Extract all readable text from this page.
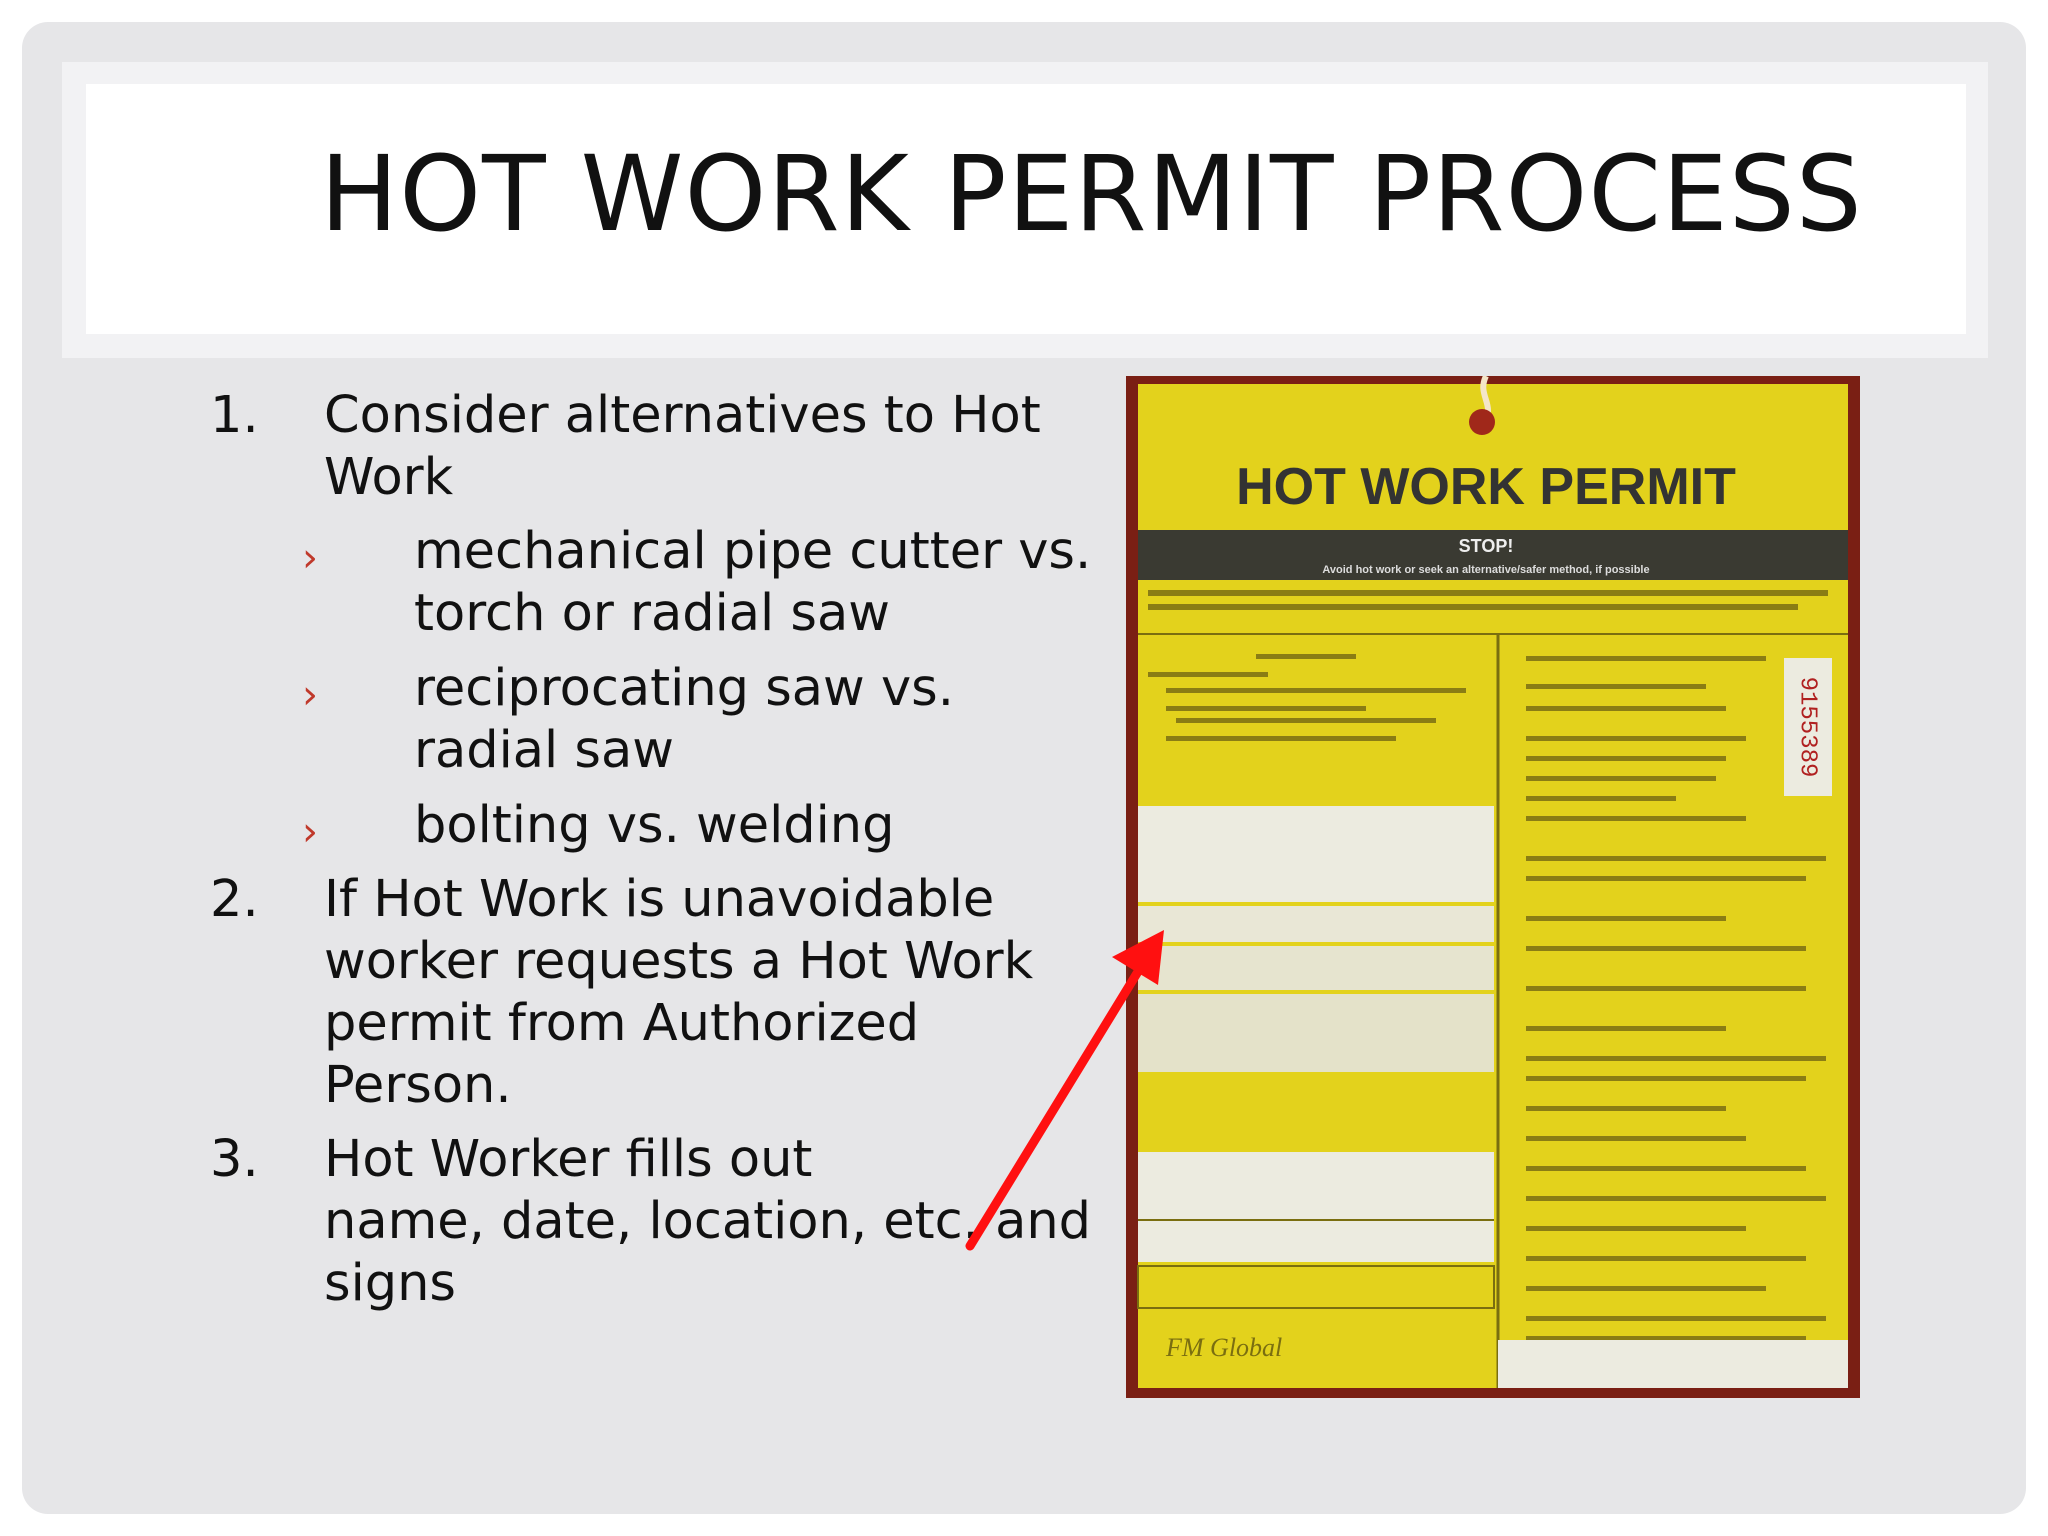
HOT WORK PERMIT PROCESS
1. Consider alternatives to Hot
Work
› mechanical pipe cutter vs.
torch or radial saw
› reciprocating saw vs.
radial saw
› bolting vs. welding
2. If Hot Work is unavoidable
worker requests a Hot Work
permit from Authorized
Person.
3. Hot Worker fills out
name, date, location, etc. and
signs
HOT WORK PERMIT
STOP!
Avoid hot work or seek an alternative/safer method, if possible
FM Global
9155389
